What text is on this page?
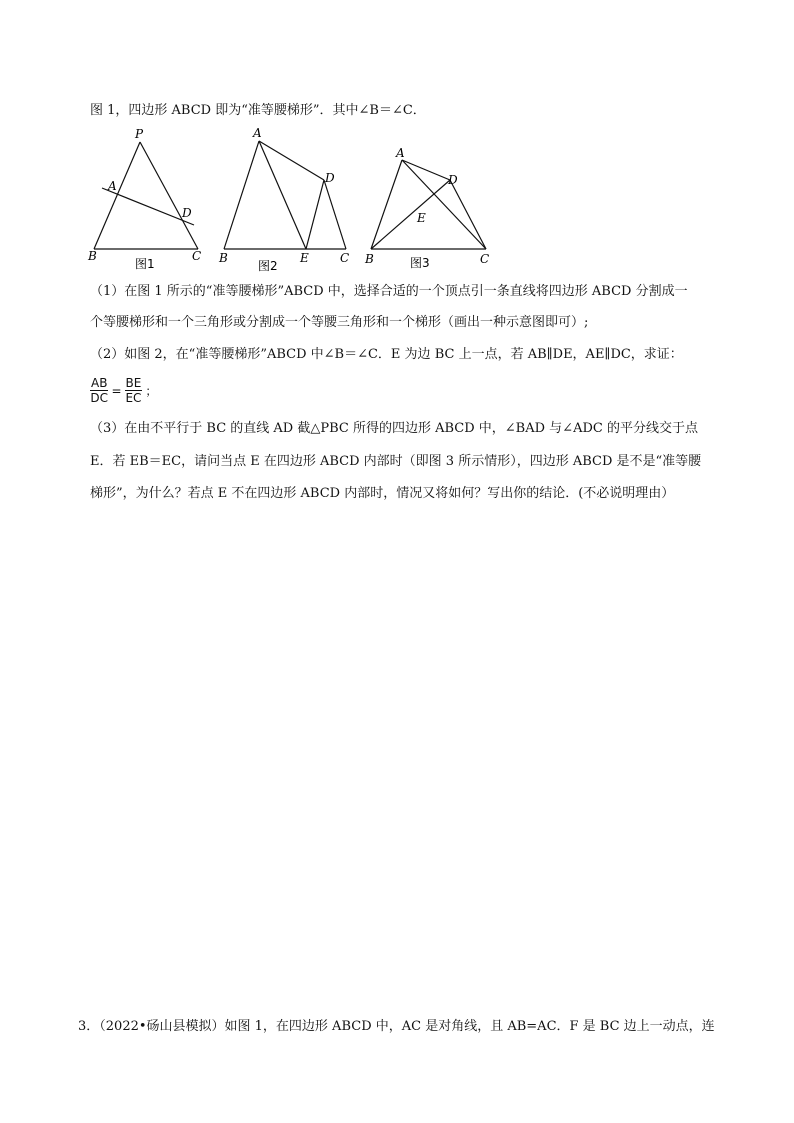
图 1，四边形 ABCD 即为“准等腰梯形”．其中∠B＝∠C．
P
A
D
B	C
图1
A
D
B	E	C
图2
A
D
E
B	C
图3
（1）在图 1 所示的“准等腰梯形”ABCD 中，选择合适的一个顶点引一条直线将四边形 ABCD 分割成一
个等腰梯形和一个三角形或分割成一个等腰三角形和一个梯形（画出一种示意图即可）;
（2）如图 2，在“准等腰梯形”ABCD 中∠B＝∠C．E 为边 BC 上一点，若 AB∥DE，AE∥DC，求证：
$\frac{AB}{DC} = \frac{BE}{EC}$ ；
（3）在由不平行于 BC 的直线 AD 截△PBC 所得的四边形 ABCD 中，∠BAD 与∠ADC 的平分线交于点
E．若 EB＝EC，请问当点 E 在四边形 ABCD 内部时（即图 3 所示情形），四边形 ABCD 是不是“准等腰
梯形”，为什么？若点 E 不在四边形 ABCD 内部时，情况又将如何？写出你的结论．(不必说明理由）
3．（2022•砀山县模拟）如图 1，在四边形 ABCD 中，AC 是对角线，且 AB=AC．F 是 BC 边上一动点，连
